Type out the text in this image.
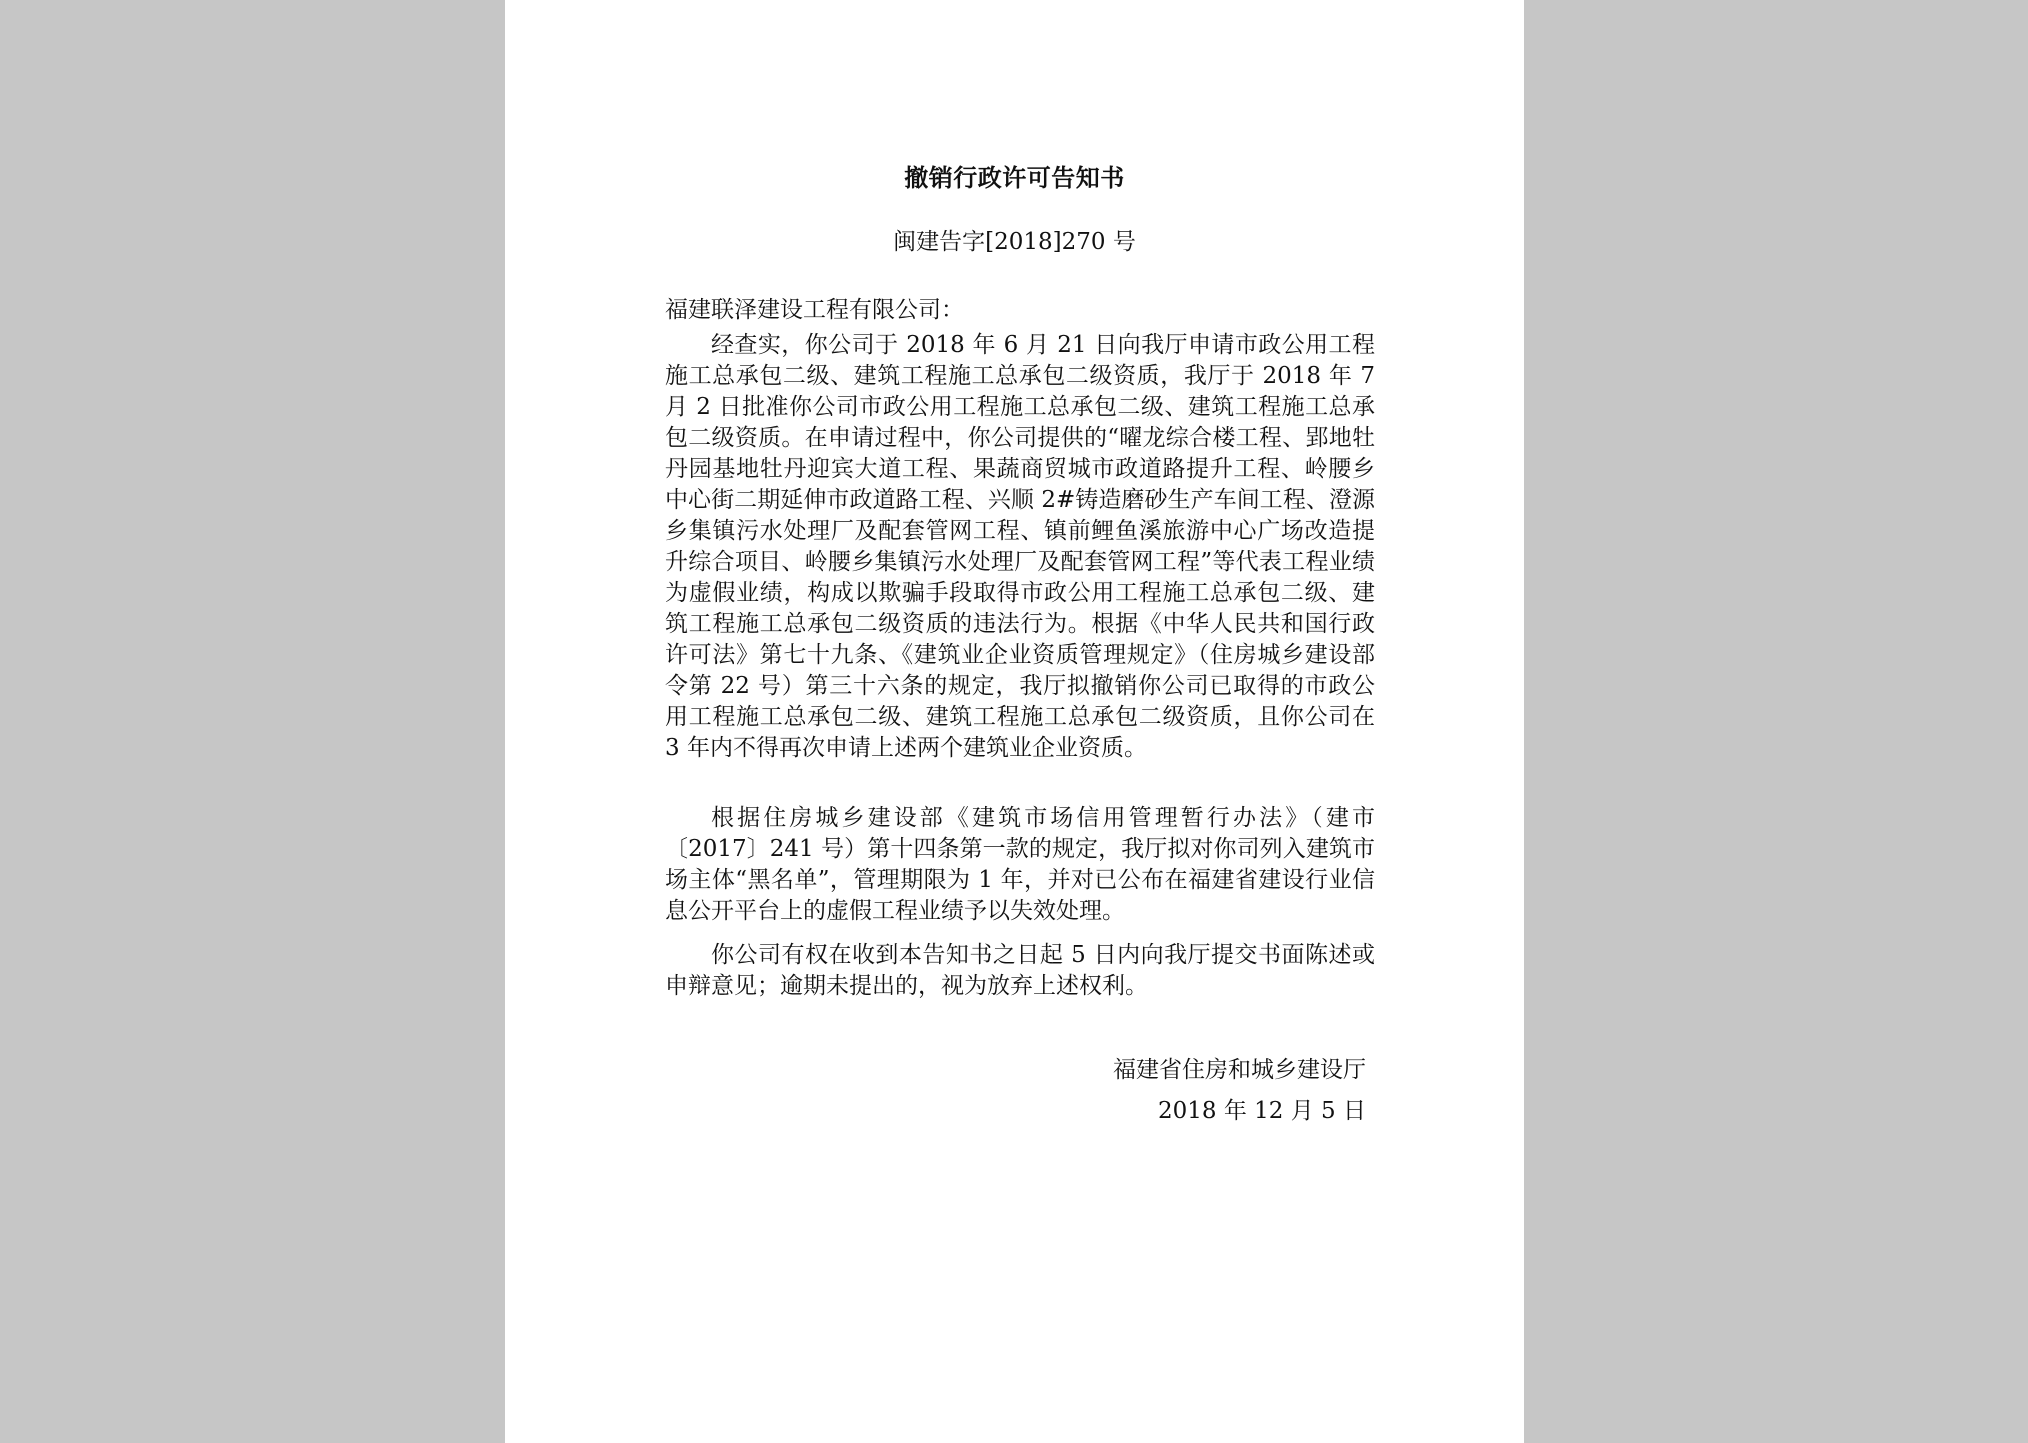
撤销行政许可告知书
闽建告字[2018]270 号
福建联泽建设工程有限公司：

经查实，你公司于 2018 年 6 月 21 日向我厅申请市政公用工程施工总承包二级、建筑工程施工总承包二级资质，我厅于 2018 年 7 月 2 日批准你公司市政公用工程施工总承包二级、建筑工程施工总承包二级资质。在申请过程中，你公司提供的“曜龙综合楼工程、郢地牡丹园基地牡丹迎宾大道工程、果蔬商贸城市政道路提升工程、岭腰乡中心街二期延伸市政道路工程、兴顺 2#铸造磨砂生产车间工程、澄源乡集镇污水处理厂及配套管网工程、镇前鲤鱼溪旅游中心广场改造提升综合项目、岭腰乡集镇污水处理厂及配套管网工程”等代表工程业绩为虚假业绩，构成以欺骗手段取得市政公用工程施工总承包二级、建筑工程施工总承包二级资质的违法行为。根据《中华人民共和国行政许可法》第七十九条、《建筑业企业资质管理规定》（住房城乡建设部令第 22 号）第三十六条的规定，我厅拟撤销你公司已取得的市政公用工程施工总承包二级、建筑工程施工总承包二级资质，且你公司在 3 年内不得再次申请上述两个建筑业企业资质。

根据住房城乡建设部《建筑市场信用管理暂行办法》（建市〔2017〕241 号）第十四条第一款的规定，我厅拟对你司列入建筑市场主体“黑名单”，管理期限为 1 年，并对已公布在福建省建设行业信息公开平台上的虚假工程业绩予以失效处理。

你公司有权在收到本告知书之日起 5 日内向我厅提交书面陈述或申辩意见；逾期未提出的，视为放弃上述权利。

福建省住房和城乡建设厅
2018 年 12 月 5 日
